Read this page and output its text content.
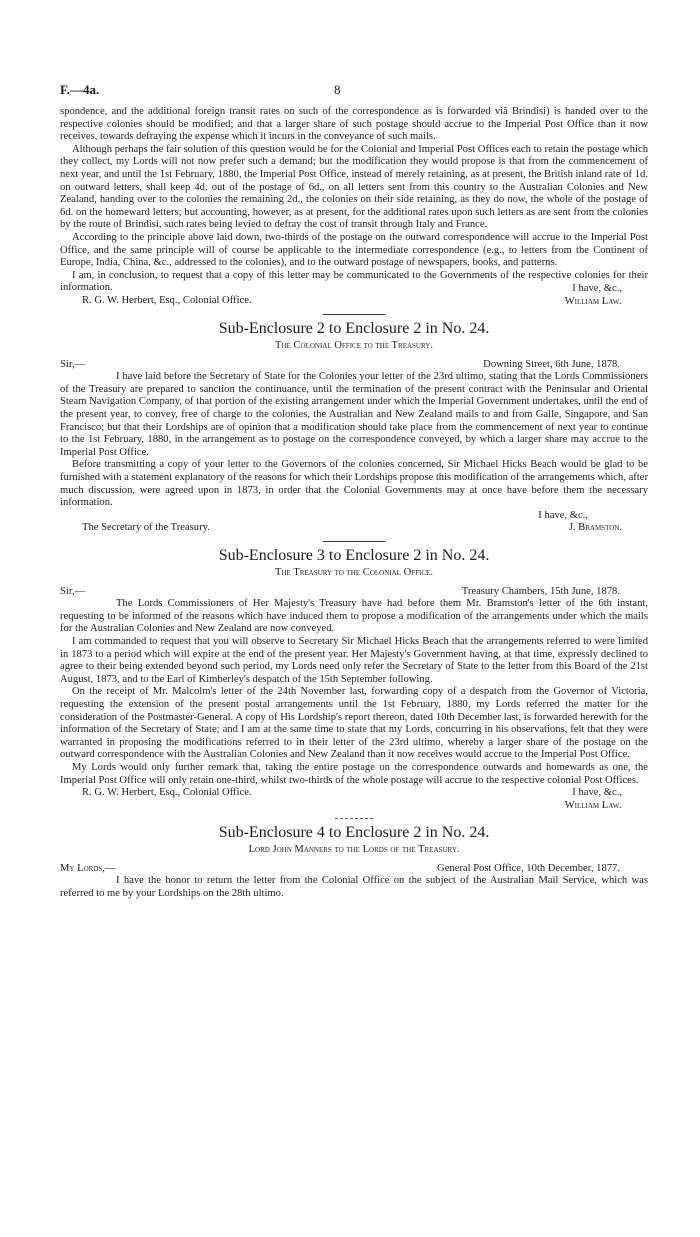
F.—4a.	8

spondence, and the additional foreign transit rates on such of the correspondence as is forwarded viâ Brindisi) is handed over to the respective colonies should be modified; and that a larger share of such postage should accrue to the Imperial Post Office than it now receives, towards defraying the expense which it incurs in the conveyance of such mails.

Although perhaps the fair solution of this question would be for the Colonial and Imperial Post Offices each to retain the postage which they collect, my Lords will not now prefer such a demand; but the modification they would propose is that from the commencement of next year, and until the 1st February, 1880, the Imperial Post Office, instead of merely retaining, as at present, the British inland rate of 1d. on outward letters, shall keep 4d. out of the postage of 6d., on all letters sent from this country to the Australian Colonies and New Zealand, handing over to the colonies the remaining 2d., the colonies on their side retaining, as they do now, the whole of the postage of 6d. on the homeward letters; but accounting, however, as at present, for the additional rates upon such letters as are sent from the colonies by the route of Brindisi, such rates being levied to defray the cost of transit through Italy and France.

According to the principle above laid down, two-thirds of the postage on the outward correspondence will accrue to the Imperial Post Office, and the same principle will of course be applicable to the intermediate correspondence (e.g., to letters from the Continent of Europe, India, China, &c., addressed to the colonies), and to the outward postage of newspapers, books, and patterns.

I am, in conclusion, to request that a copy of this letter may be communicated to the Governments of the respective colonies for their information.

R. G. W. Herbert, Esq., Colonial Office.
I have, &c.,
William Law.
Sub-Enclosure 2 to Enclosure 2 in No. 24.
The Colonial Office to the Treasury.
Sir,—	Downing Street, 6th June, 1878.

I have laid before the Secretary of State for the Colonies your letter of the 23rd ultimo, stating that the Lords Commissioners of the Treasury are prepared to sanction the continuance, until the termination of the present contract with the Peninsular and Oriental Steam Navigation Company, of that portion of the existing arrangement under which the Imperial Government undertakes, until the end of the present year, to convey, free of charge to the colonies, the Australian and New Zealand mails to and from Galle, Singapore, and San Francisco; but that their Lordships are of opinion that a modification should take place from the commencement of next year to continue to the 1st February, 1880, in the arrangement as to postage on the correspondence conveyed, by which a larger share may accrue to the Imperial Post Office.

Before transmitting a copy of your letter to the Governors of the colonies concerned, Sir Michael Hicks Beach would be glad to be furnished with a statement explanatory of the reasons for which their Lordships propose this modification of the arrangements which, after much discussion, were agreed upon in 1873, in order that the Colonial Governments may at once have before them the necessary information.

I have, &c.,
The Secretary of the Treasury.	J. Bramston.
Sub-Enclosure 3 to Enclosure 2 in No. 24.
The Treasury to the Colonial Office.
Sir,—	Treasury Chambers, 15th June, 1878.

The Lords Commissioners of Her Majesty's Treasury have had before them Mr. Bramston's letter of the 6th instant, requesting to be informed of the reasons which have induced them to propose a modification of the arrangements under which the mails for the Australian Colonies and New Zealand are now conveyed.

I am commanded to request that you will observe to Secretary Sir Michael Hicks Beach that the arrangements referred to were limited in 1873 to a period which will expire at the end of the present year. Her Majesty's Government having, at that time, expressly declined to agree to their being extended beyond such period, my Lords need only refer the Secretary of State to the letter from this Board of the 21st August, 1873, and to the Earl of Kimberley's despatch of the 15th September following.

On the receipt of Mr. Malcolm's letter of the 24th November last, forwarding copy of a despatch from the Governor of Victoria, requesting the extension of the present postal arrangements until the 1st February, 1880, my Lords referred the matter for the consideration of the Postmaster-General. A copy of His Lordship's report thereon, dated 10th December last, is forwarded herewith for the information of the Secretary of State; and I am at the same time to state that my Lords, concurring in his observations, felt that they were warranted in proposing the modifications referred to in their letter of the 23rd ultimo, whereby a larger share of the postage on the outward correspondence with the Australian Colonies and New Zealand than it now receives would accrue to the Imperial Post Office.

My Lords would only further remark that, taking the entire postage on the correspondence outwards and homewards as one, the Imperial Post Office will only retain one-third, whilst two-thirds of the whole postage will accrue to the respective colonial Post Offices.

R. G. W. Herbert, Esq., Colonial Office.	I have, &c.,
William Law.
Sub-Enclosure 4 to Enclosure 2 in No. 24.
Lord John Manners to the Lords of the Treasury.
My Lords,—	General Post Office, 10th December, 1877.

I have the honor to return the letter from the Colonial Office on the subject of the Australian Mail Service, which was referred to me by your Lordships on the 28th ultimo.
